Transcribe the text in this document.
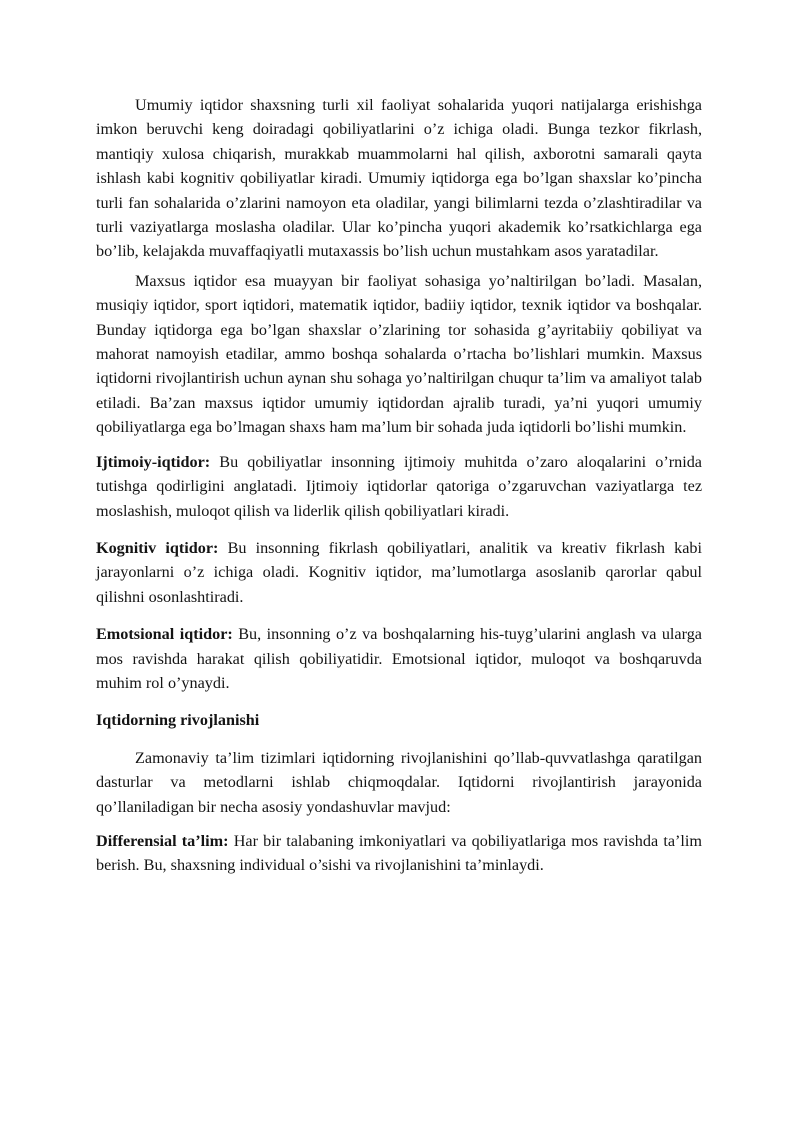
Umumiy iqtidor shaxsning turli xil faoliyat sohalarida yuqori natijalarga erishishga imkon beruvchi keng doiradagi qobiliyatlarini o’z ichiga oladi. Bunga tezkor fikrlash, mantiqiy xulosa chiqarish, murakkab muammolarni hal qilish, axborotni samarali qayta ishlash kabi kognitiv qobiliyatlar kiradi. Umumiy iqtidorga ega bo’lgan shaxslar ko’pincha turli fan sohalarida o’zlarini namoyon eta oladilar, yangi bilimlarni tezda o’zlashtiradilar va turli vaziyatlarga moslasha oladilar. Ular ko’pincha yuqori akademik ko’rsatkichlarga ega bo’lib, kelajakda muvaffaqiyatli mutaxassis bo’lish uchun mustahkam asos yaratadilar.

Maxsus iqtidor esa muayyan bir faoliyat sohasiga yo’naltirilgan bo’ladi. Masalan, musiqiy iqtidor, sport iqtidori, matematik iqtidor, badiiy iqtidor, texnik iqtidor va boshqalar. Bunday iqtidorga ega bo’lgan shaxslar o’zlarining tor sohasida g’ayritabiiy qobiliyat va mahorat namoyish etadilar, ammo boshqa sohalarda o’rtacha bo’lishlari mumkin. Maxsus iqtidorni rivojlantirish uchun aynan shu sohaga yo’naltirilgan chuqur ta’lim va amaliyot talab etiladi. Ba’zan maxsus iqtidor umumiy iqtidordan ajralib turadi, ya’ni yuqori umumiy qobiliyatlarga ega bo’lmagan shaxs ham ma’lum bir sohada juda iqtidorli bo’lishi mumkin.

Ijtimoiy-iqtidor: Bu qobiliyatlar insonning ijtimoiy muhitda o’zaro aloqalarini o’rnida tutishga qodirligini anglatadi. Ijtimoiy iqtidorlar qatoriga o’zgaruvchan vaziyatlarga tez moslashish, muloqot qilish va liderlik qilish qobiliyatlari kiradi.

Kognitiv iqtidor: Bu insonning fikrlash qobiliyatlari, analitik va kreativ fikrlash kabi jarayonlarni o’z ichiga oladi. Kognitiv iqtidor, ma’lumotlarga asoslanib qarorlar qabul qilishni osonlashtiradi.

Emotsional iqtidor: Bu, insonning o’z va boshqalarning his-tuyg’ularini anglash va ularga mos ravishda harakat qilish qobiliyatidir. Emotsional iqtidor, muloqot va boshqaruvda muhim rol o’ynaydi.

Iqtidorning rivojlanishi

Zamonaviy ta’lim tizimlari iqtidorning rivojlanishini qo’llab-quvvatlashga qaratilgan dasturlar va metodlarni ishlab chiqmoqdalar. Iqtidorni rivojlantirish jarayonida qo’llaniladigan bir necha asosiy yondashuvlar mavjud:

Differensial ta’lim: Har bir talabaning imkoniyatlari va qobiliyatlariga mos ravishda ta’lim berish. Bu, shaxsning individual o’sishi va rivojlanishini ta’minlaydi.
